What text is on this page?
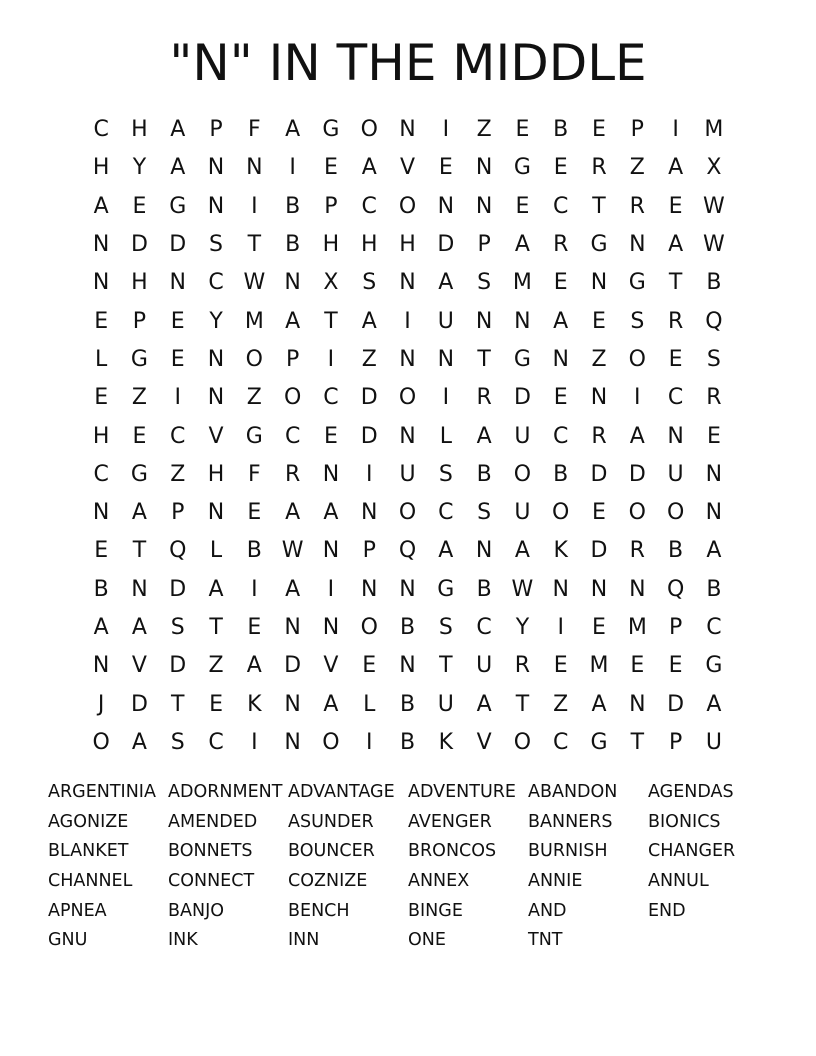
"N" IN THE MIDDLE
C	H	A	P	F	A	G O N	I	Z	E	B	E	P	I	M
H	Y	A	N N	I	E	A	V	E	N G	E	R	Z	A	X
A	E	G N	I	B	P	C O N N	E	C	T	R	E W
N D D	S	T	B	H H H D	P	A	R	G N	A W
N H N	C W N	X	S	N	A	S M E	N G	T	B
E	P	E	Y	M A	T	A	I	U	N N	A	E	S	R Q
L	G	E	N O	P	I	Z	N N	T	G N	Z	O	E	S
E	Z	I	N	Z	O C	D O	I	R	D	E	N	I	C	R
H	E	C	V	G	C	E	D N	L	A	U	C	R	A	N	E
C	G	Z	H	F	R	N	I	U	S	B	O	B	D D U	N
N	A	P	N	E	A	A	N O C	S	U O	E	O O N
E	T	Q	L	B W N	P	Q	A	N	A	K	D	R	B	A
B	N D	A	I	A	I	N N G	B W N N N Q	B
A	A	S	T	E	N N O	B	S	C	Y	I	E M	P	C
N	V	D	Z	A	D	V	E	N	T	U	R	E M E	E	G
J	D	T	E	K	N	A	L	B	U	A	T	Z	A	N D	A
O	A	S	C	I	N O	I	B	K	V	O C	G	T	P	U
ARGENTINIA ADORNMENT ADVANTAGE ADVENTURE ABANDON	AGENDAS
AGONIZE	AMENDED	ASUNDER	AVENGER	BANNERS	BIONICS
BLANKET	BONNETS	BOUNCER	BRONCOS	BURNISH	CHANGER
CHANNEL	CONNECT	COZNIZE	ANNEX	ANNIE	ANNUL
APNEA	BANJO	BENCH	BINGE	AND	END
GNU	INK	INN	ONE	TNT
